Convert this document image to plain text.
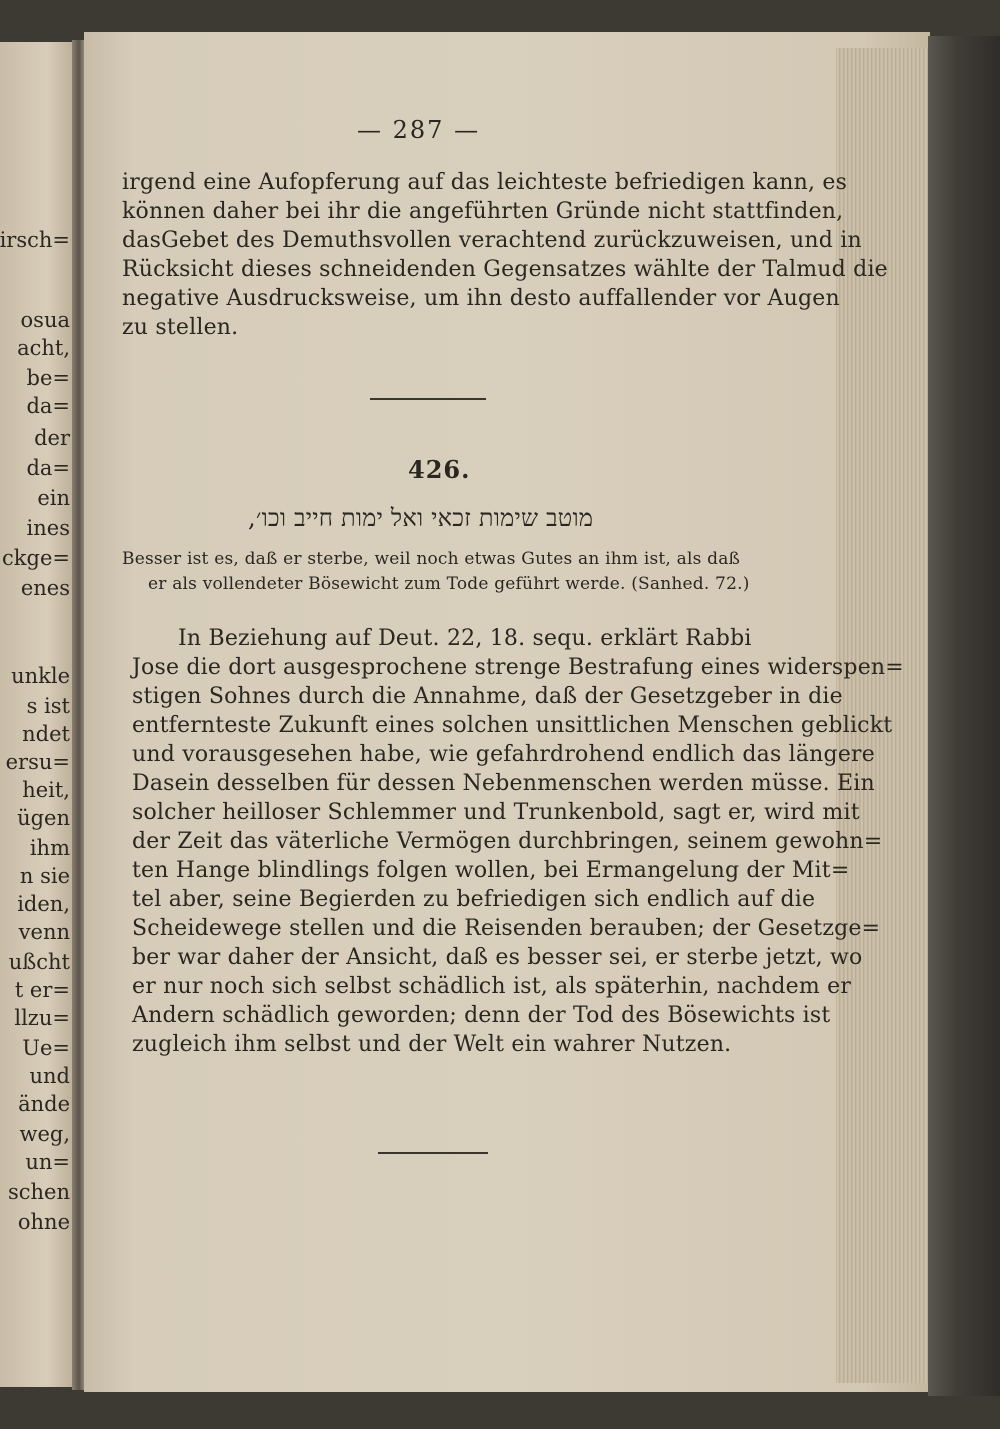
irsch=
osua
acht,
be=
da=
der
da=
ein
ines
ckge=
enes
unkle
s ist
ndet
ersu=
heit,
ügen
ihm
n sie
iden,
venn
ußcht
t er=
llzu=
Ue=
und
ände
weg,
un=
schen
ohne
— 287 —
irgend eine Aufopferung auf das leichteste befriedigen kann, es
können daher bei ihr die angeführten Gründe nicht stattfinden,
dasGebet des Demuthsvollen verachtend zurückzuweisen, und in
Rücksicht dieses schneidenden Gegensatzes wählte der Talmud die
negative Ausdrucksweise, um ihn desto auffallender vor Augen
zu stellen.
426.
מוטב שימות זכאי ואל ימות חייב וכו׳,
Besser ist es, daß er sterbe, weil noch etwas Gutes an ihm ist, als daß
er als vollendeter Bösewicht zum Tode geführt werde. (Sanhed. 72.)
In Beziehung auf Deut. 22, 18. sequ. erklärt Rabbi
Jose die dort ausgesprochene strenge Bestrafung eines widerspen=
stigen Sohnes durch die Annahme, daß der Gesetzgeber in die
entfernteste Zukunft eines solchen unsittlichen Menschen geblickt
und vorausgesehen habe, wie gefahrdrohend endlich das längere
Dasein desselben für dessen Nebenmenschen werden müsse. Ein
solcher heilloser Schlemmer und Trunkenbold, sagt er, wird mit
der Zeit das väterliche Vermögen durchbringen, seinem gewohn=
ten Hange blindlings folgen wollen, bei Ermangelung der Mit=
tel aber, seine Begierden zu befriedigen sich endlich auf die
Scheidewege stellen und die Reisenden berauben; der Gesetzge=
ber war daher der Ansicht, daß es besser sei, er sterbe jetzt, wo
er nur noch sich selbst schädlich ist, als späterhin, nachdem er
Andern schädlich geworden; denn der Tod des Bösewichts ist
zugleich ihm selbst und der Welt ein wahrer Nutzen.
